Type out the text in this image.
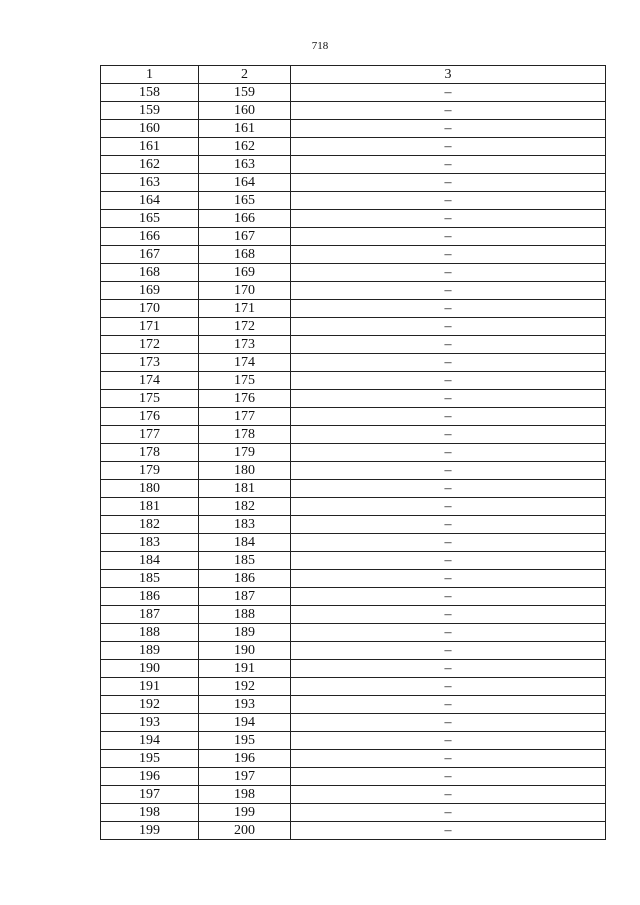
718
1	2	3
158	159	–
159	160	–
160	161	–
161	162	–
162	163	–
163	164	–
164	165	–
165	166	–
166	167	–
167	168	–
168	169	–
169	170	–
170	171	–
171	172	–
172	173	–
173	174	–
174	175	–
175	176	–
176	177	–
177	178	–
178	179	–
179	180	–
180	181	–
181	182	–
182	183	–
183	184	–
184	185	–
185	186	–
186	187	–
187	188	–
188	189	–
189	190	–
190	191	–
191	192	–
192	193	–
193	194	–
194	195	–
195	196	–
196	197	–
197	198	–
198	199	–
199	200	–
